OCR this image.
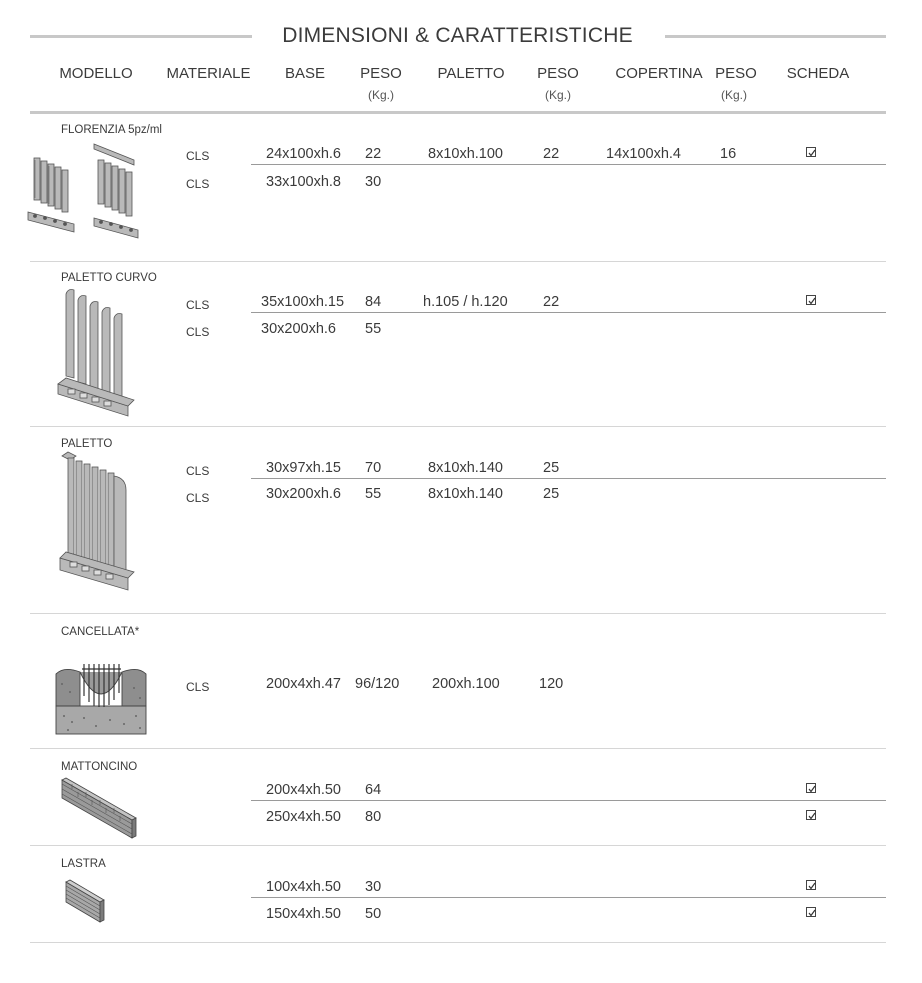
DIMENSIONI & CARATTERISTICHE
MODELLO	MATERIALE	BASE	PESO
(Kg.)
PALETTO	PESO
(Kg.)
COPERTINA PESO
(Kg.)
SCHEDA
FLORENZIA 5pz/ml
CLS	24x100xh.6 22	8x10xh.100	22	14x100xh.4	16
CLS	33x100xh.8 30
PALETTO CURVO
CLS	35x100xh.15 84	h.105 / h.120 22
CLS	30x200xh.6 55
PALETTO
CLS	30x97xh.15 70	8x10xh.140	25
CLS	30x200xh.6 55	8x10xh.140	25
CANCELLATA*
CLS	200x4xh.47 96/120 200xh.100	120
MATTONCINO
200x4xh.50 64
250x4xh.50 80
LASTRA
100x4xh.50 30
150x4xh.50 50
